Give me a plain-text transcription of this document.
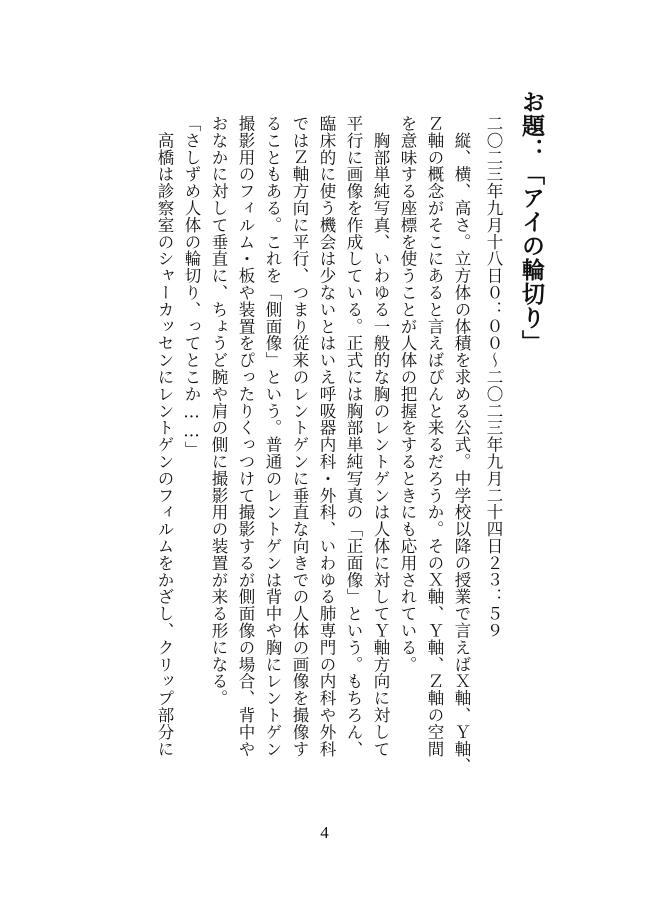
お題：「アイの輪切り」
二〇二三年九月十八日０：００〜二〇二三年九月二十四日２３：５９
　縦、横、高さ。立方体の体積を求める公式。中学校以降の授業で言えばＸ軸、Ｙ軸、
Ｚ軸の概念がそこにあると言えばぴんと来るだろうか。そのＸ軸、Ｙ軸、Ｚ軸の空間
を意味する座標を使うことが人体の把握をするときにも応用されている。
　胸部単純写真、いわゆる一般的な胸のレントゲンは人体に対してＹ軸方向に対して
平行に画像を作成している。正式には胸部単純写真の「正面像」という。もちろん、
臨床的に使う機会は少ないとはいえ呼吸器内科・外科、いわゆる肺専門の内科や外科
ではＺ軸方向に平行、つまり従来のレントゲンに垂直な向きでの人体の画像を撮像す
ることもある。これを「側面像」という。普通のレントゲンは背中や胸にレントゲン
撮影用のフィルム・板や装置をぴったりくっつけて撮影するが側面像の場合、背中や
おなかに対して垂直に、ちょうど腕や肩の側に撮影用の装置が来る形になる。
「さしずめ人体の輪切り、ってとこか……」
　高橋は診察室のシャーカッセンにレントゲンのフィルムをかざし、クリップ部分に
4
